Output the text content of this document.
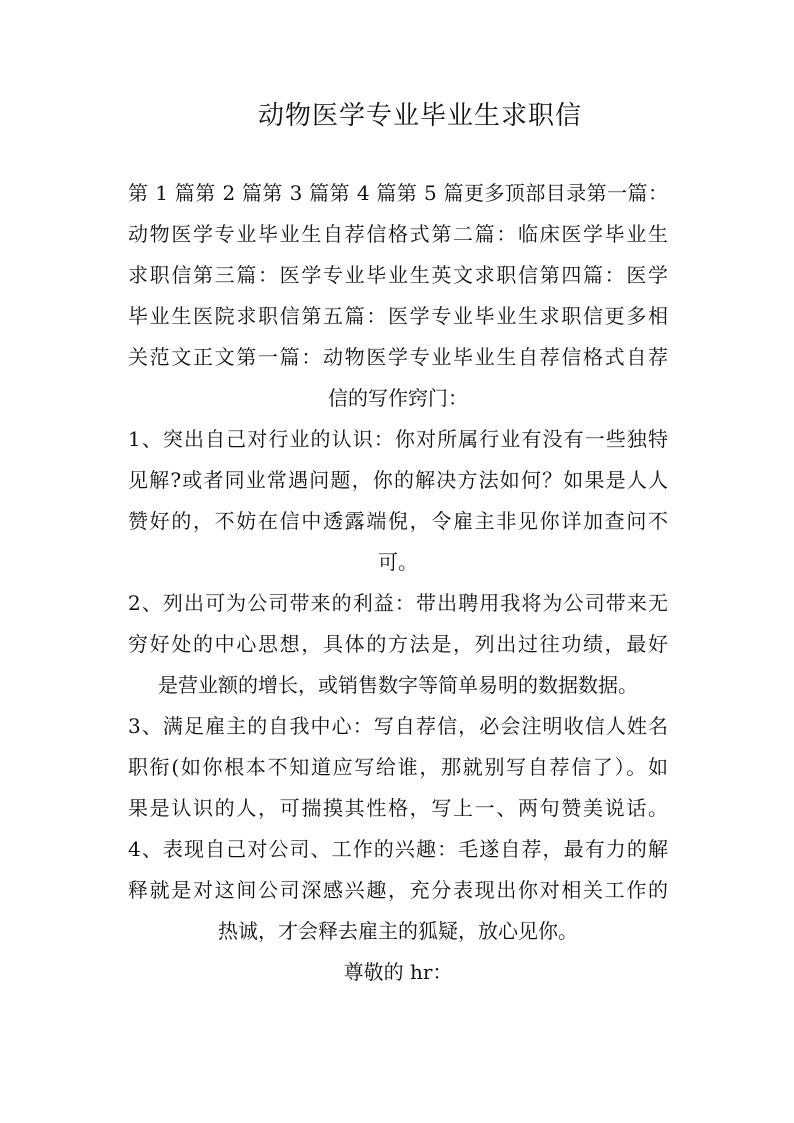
动物医学专业毕业生求职信
第 1 篇第 2 篇第 3 篇第 4 篇第 5 篇更多顶部目录第一篇：
动物医学专业毕业生自荐信格式第二篇：临床医学毕业生
求职信第三篇：医学专业毕业生英文求职信第四篇：医学
毕业生医院求职信第五篇：医学专业毕业生求职信更多相
关范文正文第一篇：动物医学专业毕业生自荐信格式自荐
信的写作窍门：
1、突出自己对行业的认识：你对所属行业有没有一些独特
见解?或者同业常遇问题，你的解决方法如何？如果是人人
赞好的，不妨在信中透露端倪，令雇主非见你详加查问不
可。
2、列出可为公司带来的利益：带出聘用我将为公司带来无
穷好处的中心思想，具体的方法是，列出过往功绩，最好
是营业额的增长，或销售数字等简单易明的数据数据。
3、满足雇主的自我中心：写自荐信，必会注明收信人姓名
职衔(如你根本不知道应写给谁，那就别写自荐信了）。如
果是认识的人，可揣摸其性格，写上一、两句赞美说话。
4、表现自己对公司、工作的兴趣：毛遂自荐，最有力的解
释就是对这间公司深感兴趣，充分表现出你对相关工作的
热诚，才会释去雇主的狐疑，放心见你。
尊敬的 hr：
